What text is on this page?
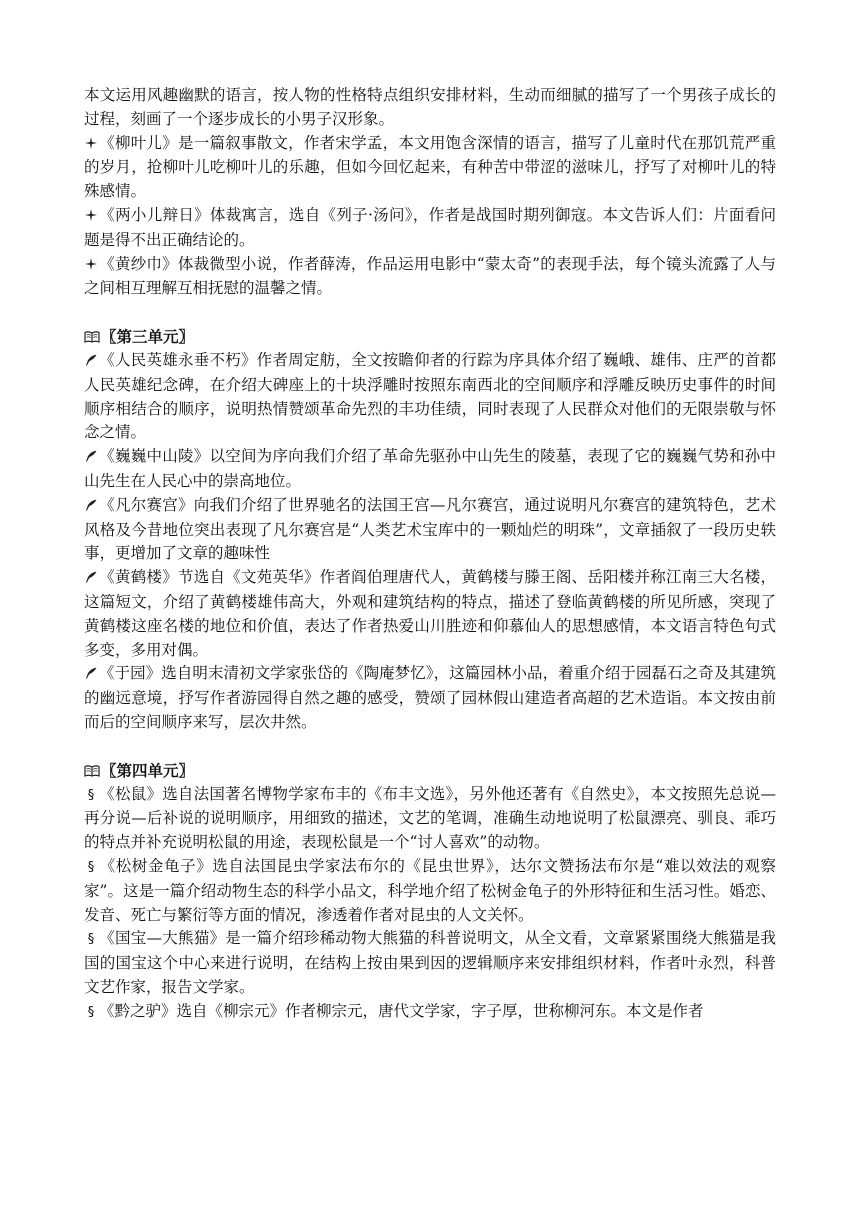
本文运用风趣幽默的语言，按人物的性格特点组织安排材料，生动而细腻的描写了一个男孩子成长的过程，刻画了一个逐步成长的小男子汉形象。

《柳叶儿》是一篇叙事散文，作者宋学孟，本文用饱含深情的语言，描写了儿童时代在那饥荒严重的岁月，抢柳叶儿吃柳叶儿的乐趣，但如今回忆起来，有种苦中带涩的滋味儿，抒写了对柳叶儿的特殊感情。

《两小儿辩日》体裁寓言，选自《列子·汤问》，作者是战国时期列御寇。本文告诉人们：片面看问题是得不出正确结论的。

《黄纱巾》体裁微型小说，作者薛涛，作品运用电影中“蒙太奇”的表现手法，每个镜头流露了人与 之间相互理解互相抚慰的温馨之情。

〖第三单元〗

《人民英雄永垂不朽》作者周定舫，全文按瞻仰者的行踪为序具体介绍了巍峨、雄伟、庄严的首都人民英雄纪念碑，在介绍大碑座上的十块浮雕时按照东南西北的空间顺序和浮雕反映历史事件的时间顺序相结合的顺序，说明热情赞颂革命先烈的丰功佳绩，同时表现了人民群众对他们的无限崇敬与怀念之情。

《巍巍中山陵》以空间为序向我们介绍了革命先驱孙中山先生的陵墓，表现了它的巍巍气势和孙中山先生在人民心中的崇高地位。

《凡尔赛宫》向我们介绍了世界驰名的法国王宫—凡尔赛宫，通过说明凡尔赛宫的建筑特色，艺术风格及今昔地位突出表现了凡尔赛宫是“人类艺术宝库中的一颗灿烂的明珠”，文章插叙了一段历史轶事，更增加了文章的趣味性

《黄鹤楼》节选自《文苑英华》作者阎伯理唐代人，黄鹤楼与滕王阁、岳阳楼并称江南三大名楼，这篇短文，介绍了黄鹤楼雄伟高大，外观和建筑结构的特点，描述了登临黄鹤楼的所见所感，突现了黄鹤楼这座名楼的地位和价值，表达了作者热爱山川胜迹和仰慕仙人的思想感情，本文语言特色句式多变，多用对偶。

《于园》选自明末清初文学家张岱的《陶庵梦忆》，这篇园林小品，着重介绍于园磊石之奇及其建筑的幽远意境，抒写作者游园得自然之趣的感受，赞颂了园林假山建造者高超的艺术造诣。本文按由前而后的空间顺序来写，层次井然。

〖第四单元〗

§ 《松鼠》选自法国著名博物学家布丰的《布丰文选》，另外他还著有《自然史》，本文按照先总说—再分说—后补说的说明顺序，用细致的描述，文艺的笔调，准确生动地说明了松鼠漂亮、驯良、乖巧的特点并补充说明松鼠的用途，表现松鼠是一个“讨人喜欢”的动物。

§ 《松树金龟子》选自法国昆虫学家法布尔的《昆虫世界》，达尔文赞扬法布尔是“难以效法的观察家”。这是一篇介绍动物生态的科学小品文，科学地介绍了松树金龟子的外形特征和生活习性。婚恋、发音、死亡与繁衍等方面的情况，渗透着作者对昆虫的人文关怀。

§ 《国宝—大熊猫》是一篇介绍珍稀动物大熊猫的科普说明文，从全文看，文章紧紧围绕大熊猫是我国的国宝这个中心来进行说明，在结构上按由果到因的逻辑顺序来安排组织材料，作者叶永烈，科普文艺作家，报告文学家。

§ 《黔之驴》选自《柳宗元》作者柳宗元，唐代文学家，字子厚，世称柳河东。本文是作者
